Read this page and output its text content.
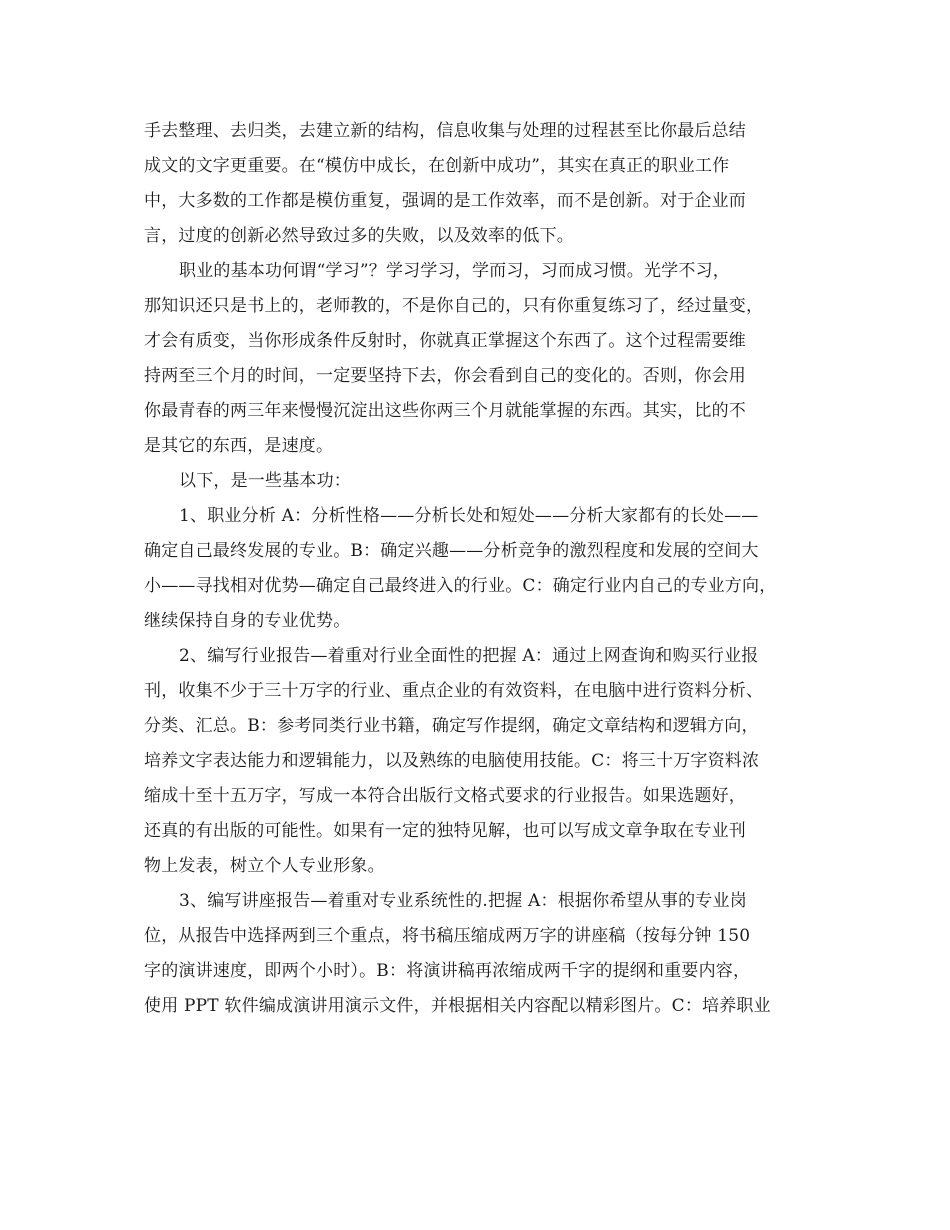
手去整理、去归类，去建立新的结构，信息收集与处理的过程甚至比你最后总结
成文的文字更重要。在“模仿中成长，在创新中成功”，其实在真正的职业工作
中，大多数的工作都是模仿重复，强调的是工作效率，而不是创新。对于企业而
言，过度的创新必然导致过多的失败，以及效率的低下。
职业的基本功何谓“学习”？学习学习，学而习，习而成习惯。光学不习，
那知识还只是书上的，老师教的，不是你自己的，只有你重复练习了，经过量变，
才会有质变，当你形成条件反射时，你就真正掌握这个东西了。这个过程需要维
持两至三个月的时间，一定要坚持下去，你会看到自己的变化的。否则，你会用
你最青春的两三年来慢慢沉淀出这些你两三个月就能掌握的东西。其实，比的不
是其它的东西，是速度。
以下，是一些基本功：
1、职业分析 A：分析性格——分析长处和短处——分析大家都有的长处——
确定自己最终发展的专业。B：确定兴趣——分析竞争的激烈程度和发展的空间大
小——寻找相对优势—确定自己最终进入的行业。C：确定行业内自己的专业方向，
继续保持自身的专业优势。
2、编写行业报告—着重对行业全面性的把握 A：通过上网查询和购买行业报
刊，收集不少于三十万字的行业、重点企业的有效资料，在电脑中进行资料分析、
分类、汇总。B：参考同类行业书籍，确定写作提纲，确定文章结构和逻辑方向，
培养文字表达能力和逻辑能力，以及熟练的电脑使用技能。C：将三十万字资料浓
缩成十至十五万字，写成一本符合出版行文格式要求的行业报告。如果选题好，
还真的有出版的可能性。如果有一定的独特见解，也可以写成文章争取在专业刊
物上发表，树立个人专业形象。
3、编写讲座报告—着重对专业系统性的.把握 A：根据你希望从事的专业岗
位，从报告中选择两到三个重点，将书稿压缩成两万字的讲座稿（按每分钟 150
字的演讲速度，即两个小时）。B：将演讲稿再浓缩成两千字的提纲和重要内容，
使用 PPT 软件编成演讲用演示文件，并根据相关内容配以精彩图片。C：培养职业
